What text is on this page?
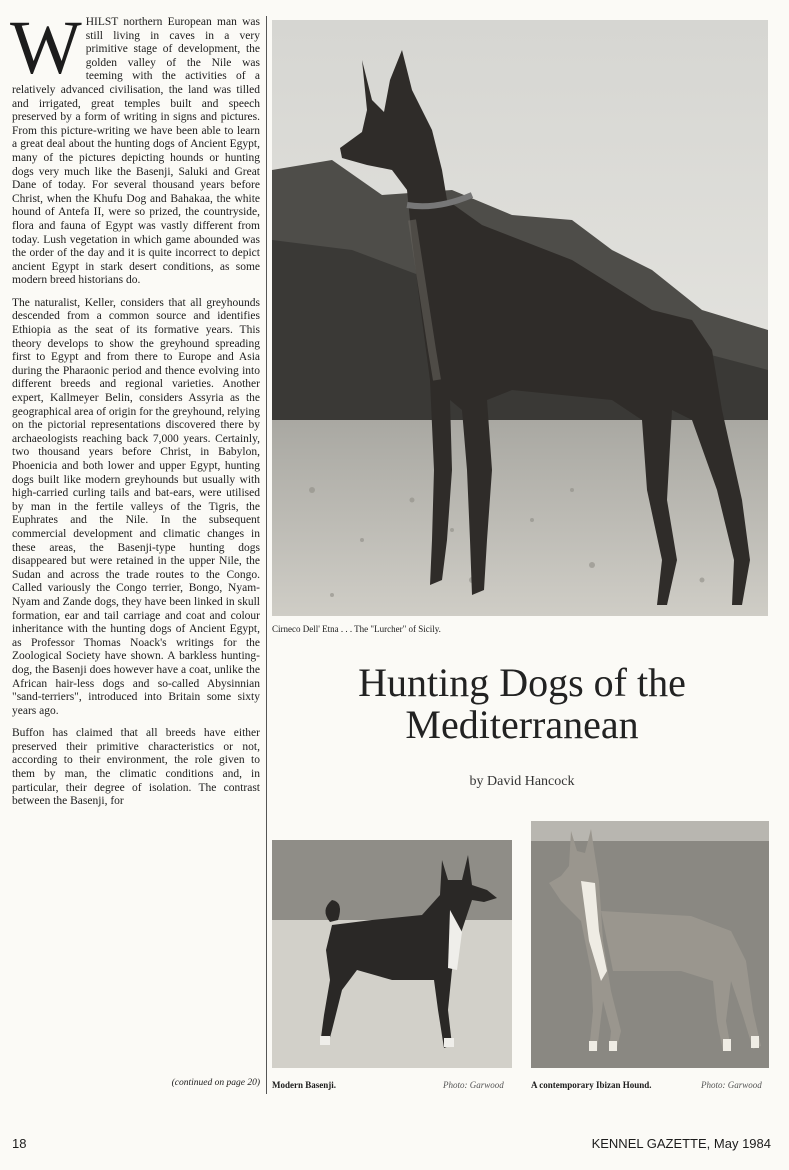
WHILST northern European man was still living in caves in a very primitive stage of development, the golden valley of the Nile was teeming with the activities of a relatively advanced civilisation, the land was tilled and irrigated, great temples built and speech preserved by a form of writing in signs and pictures. From this picture-writing we have been able to learn a great deal about the hunting dogs of Ancient Egypt, many of the pictures depicting hounds or hunting dogs very much like the Basenji, Saluki and Great Dane of today. For several thousand years before Christ, when the Khufu Dog and Bahakaa, the white hound of Antefa II, were so prized, the countryside, flora and fauna of Egypt was vastly different from today. Lush vegetation in which game abounded was the order of the day and it is quite incorrect to depict ancient Egypt in stark desert conditions, as some modern breed historians do.

The naturalist, Keller, considers that all greyhounds descended from a common source and identifies Ethiopia as the seat of its formative years. This theory develops to show the greyhound spreading first to Egypt and from there to Europe and Asia during the Pharaonic period and thence evolving into different breeds and regional varieties. Another expert, Kallmeyer Belin, considers Assyria as the geographical area of origin for the greyhound, relying on the pictorial representations discovered there by archaeologists reaching back 7,000 years. Certainly, two thousand years before Christ, in Babylon, Phoenicia and both lower and upper Egypt, hunting dogs built like modern greyhounds but usually with high-carried curling tails and bat-ears, were utilised by man in the fertile valleys of the Tigris, the Euphrates and the Nile. In the subsequent commercial development and climatic changes in these areas, the Basenji-type hunting dogs disappeared but were retained in the upper Nile, the Sudan and across the trade routes to the Congo. Called variously the Congo terrier, Bongo, Nyam-Nyam and Zande dogs, they have been linked in skull formation, ear and tail carriage and coat and colour inheritance with the hunting dogs of Ancient Egypt, as Professor Thomas Noack's writings for the Zoological Society have shown. A barkless hunting-dog, the Basenji does however have a coat, unlike the African hair-less dogs and so-called Abysinnian "sand-terriers", introduced into Britain some sixty years ago.

Buffon has claimed that all breeds have either preserved their primitive characteristics or not, according to their environment, the role given to them by man, the climatic conditions and, in particular, their degree of isolation. The contrast between the Basenji, for

(continued on page 20)
Cirneco Dell' Etna . . . The "Lurcher" of Sicily.
Hunting Dogs of the
Mediterranean
by David Hancock
Modern Basenji.	Photo: Garwood	A contemporary Ibizan Hound.	Photo: Garwood
18	KENNEL GAZETTE, May 1984
